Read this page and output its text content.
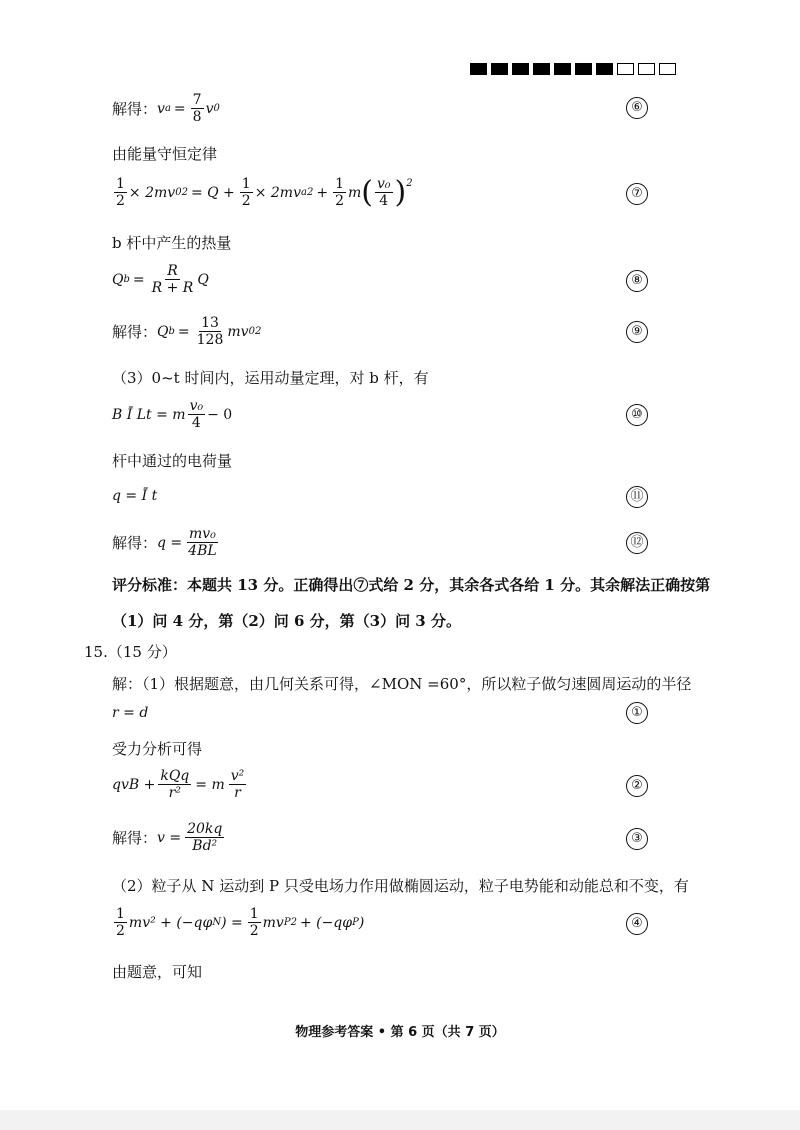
解得： v $a = \frac{7}{8}$ v 0	⑥
由能量守恒定律
$\frac{1}{2} \times 2mv$ 0 $2 = Q + \frac{1}{2} \times 2mv$ a $2 + \frac{1}{2}$ m ( $\frac{\text{v₀}}{4} )^2$
⑦
b 杆中产生的热量
Q $b = \frac{R}{R + R}$ Q	⑧
解得： Q $b = \frac{13}{128}$ mv 0 2	⑨
（3）0~t 时间内，运用动量定理，对 b 杆，有
B Ī Lt = m $\frac{\text{v₀}}{4} - 0$	⑩
杆中通过的电荷量
q = Ī t	⑪
解得： $q = \frac{\text{mv₀}}{4BL}$	⑫
评分标准：本题共 13 分。正确得出⑦式给 2 分，其余各式各给 1 分。其余解法正确按第
（1）问 4 分，第（2）问 6 分，第（3）问 3 分。
15.（15 分）
解：（1）根据题意，由几何关系可得，∠MON =60°，所以粒子做匀速圆周运动的半径
r = d	①
受力分析可得
qvB + $\frac{\text{kQq}}{\text{r²}} = m \frac{\text{v²}}{r}$	②
解得： $v = \frac{20kq}{\text{Bd²}}$	③
（2）粒子从 N 运动到 P 只受电场力作用做椭圆运动，粒子电势能和动能总和不变，有
$\frac{1}{2} mv^2 + (-q\varphi$ N ) = $\frac{1}{2}$ mv P 2 + (−qφ P )	④
由题意，可知
物理参考答案 • 第 6 页（共 7 页）
